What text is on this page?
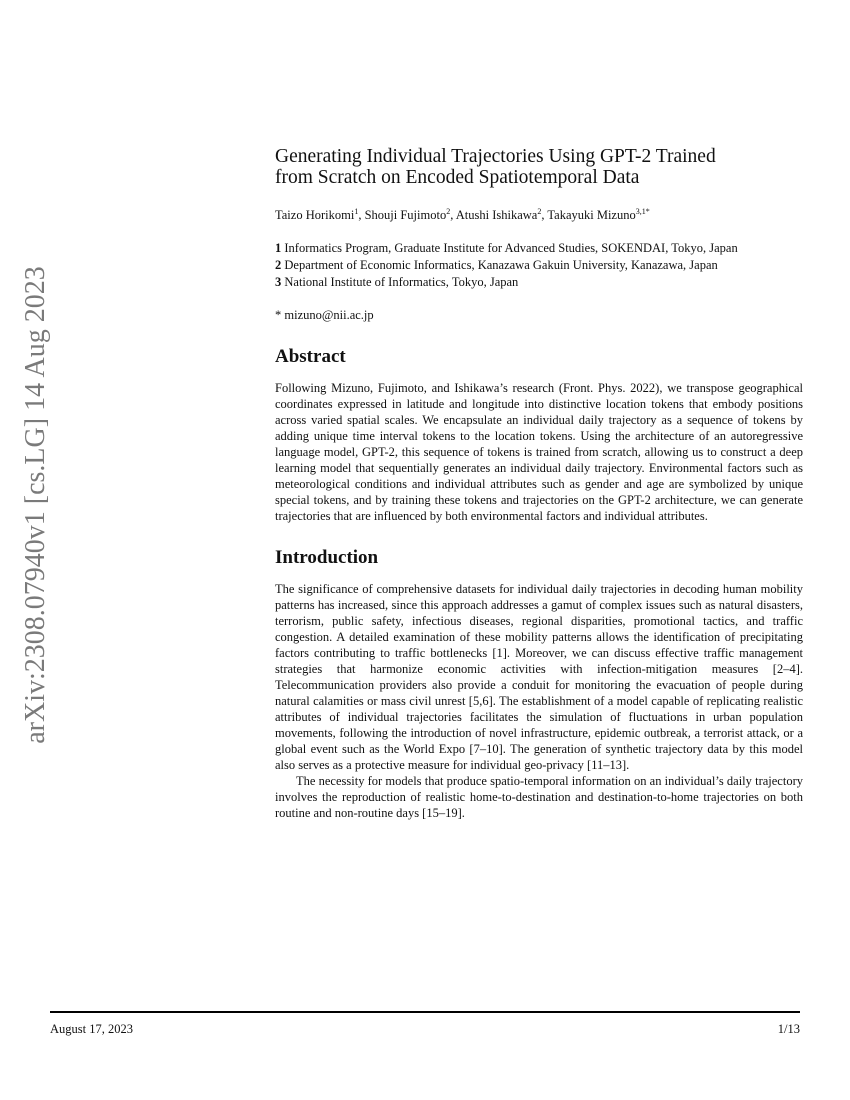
arXiv:2308.07940v1 [cs.LG] 14 Aug 2023
Generating Individual Trajectories Using GPT-2 Trained
from Scratch on Encoded Spatiotemporal Data
Taizo Horikomi$^1$, Shouji Fujimoto$^2$, Atushi Ishikawa$^2$, Takayuki Mizuno$^{3,1*}$
1 Informatics Program, Graduate Institute for Advanced Studies, SOKENDAI, Tokyo, Japan
2 Department of Economic Informatics, Kanazawa Gakuin University, Kanazawa, Japan
3 National Institute of Informatics, Tokyo, Japan
* mizuno@nii.ac.jp
Abstract

Following Mizuno, Fujimoto, and Ishikawa’s research (Front. Phys. 2022), we transpose geographical coordinates expressed in latitude and longitude into distinctive location tokens that embody positions across varied spatial scales. We encapsulate an individual daily trajectory as a sequence of tokens by adding unique time interval tokens to the location tokens. Using the architecture of an autoregressive language model, GPT-2, this sequence of tokens is trained from scratch, allowing us to construct a deep learning model that sequentially generates an individual daily trajectory. Environmental factors such as meteorological conditions and individual attributes such as gender and age are symbolized by unique special tokens, and by training these tokens and trajectories on the GPT-2 architecture, we can generate trajectories that are influenced by both environmental factors and individual attributes.

Introduction

The significance of comprehensive datasets for individual daily trajectories in decoding human mobility patterns has increased, since this approach addresses a gamut of complex issues such as natural disasters, terrorism, public safety, infectious diseases, regional disparities, promotional tactics, and traffic congestion. A detailed examination of these mobility patterns allows the identification of precipitating factors contributing to traffic bottlenecks [1]. Moreover, we can discuss effective traffic management strategies that harmonize economic activities with infection-mitigation measures [2–4]. Telecommunication providers also provide a conduit for monitoring the evacuation of people during natural calamities or mass civil unrest [5,6]. The establishment of a model capable of replicating realistic attributes of individual trajectories facilitates the simulation of fluctuations in urban population movements, following the introduction of novel infrastructure, epidemic outbreak, a terrorist attack, or a global event such as the World Expo [7–10]. The generation of synthetic trajectory data by this model also serves as a protective measure for individual geo-privacy [11–13].

The necessity for models that produce spatio-temporal information on an individual’s daily trajectory involves the reproduction of realistic home-to-destination and destination-to-home trajectories on both routine and non-routine days [15–19].

August 17, 2023	1/13
